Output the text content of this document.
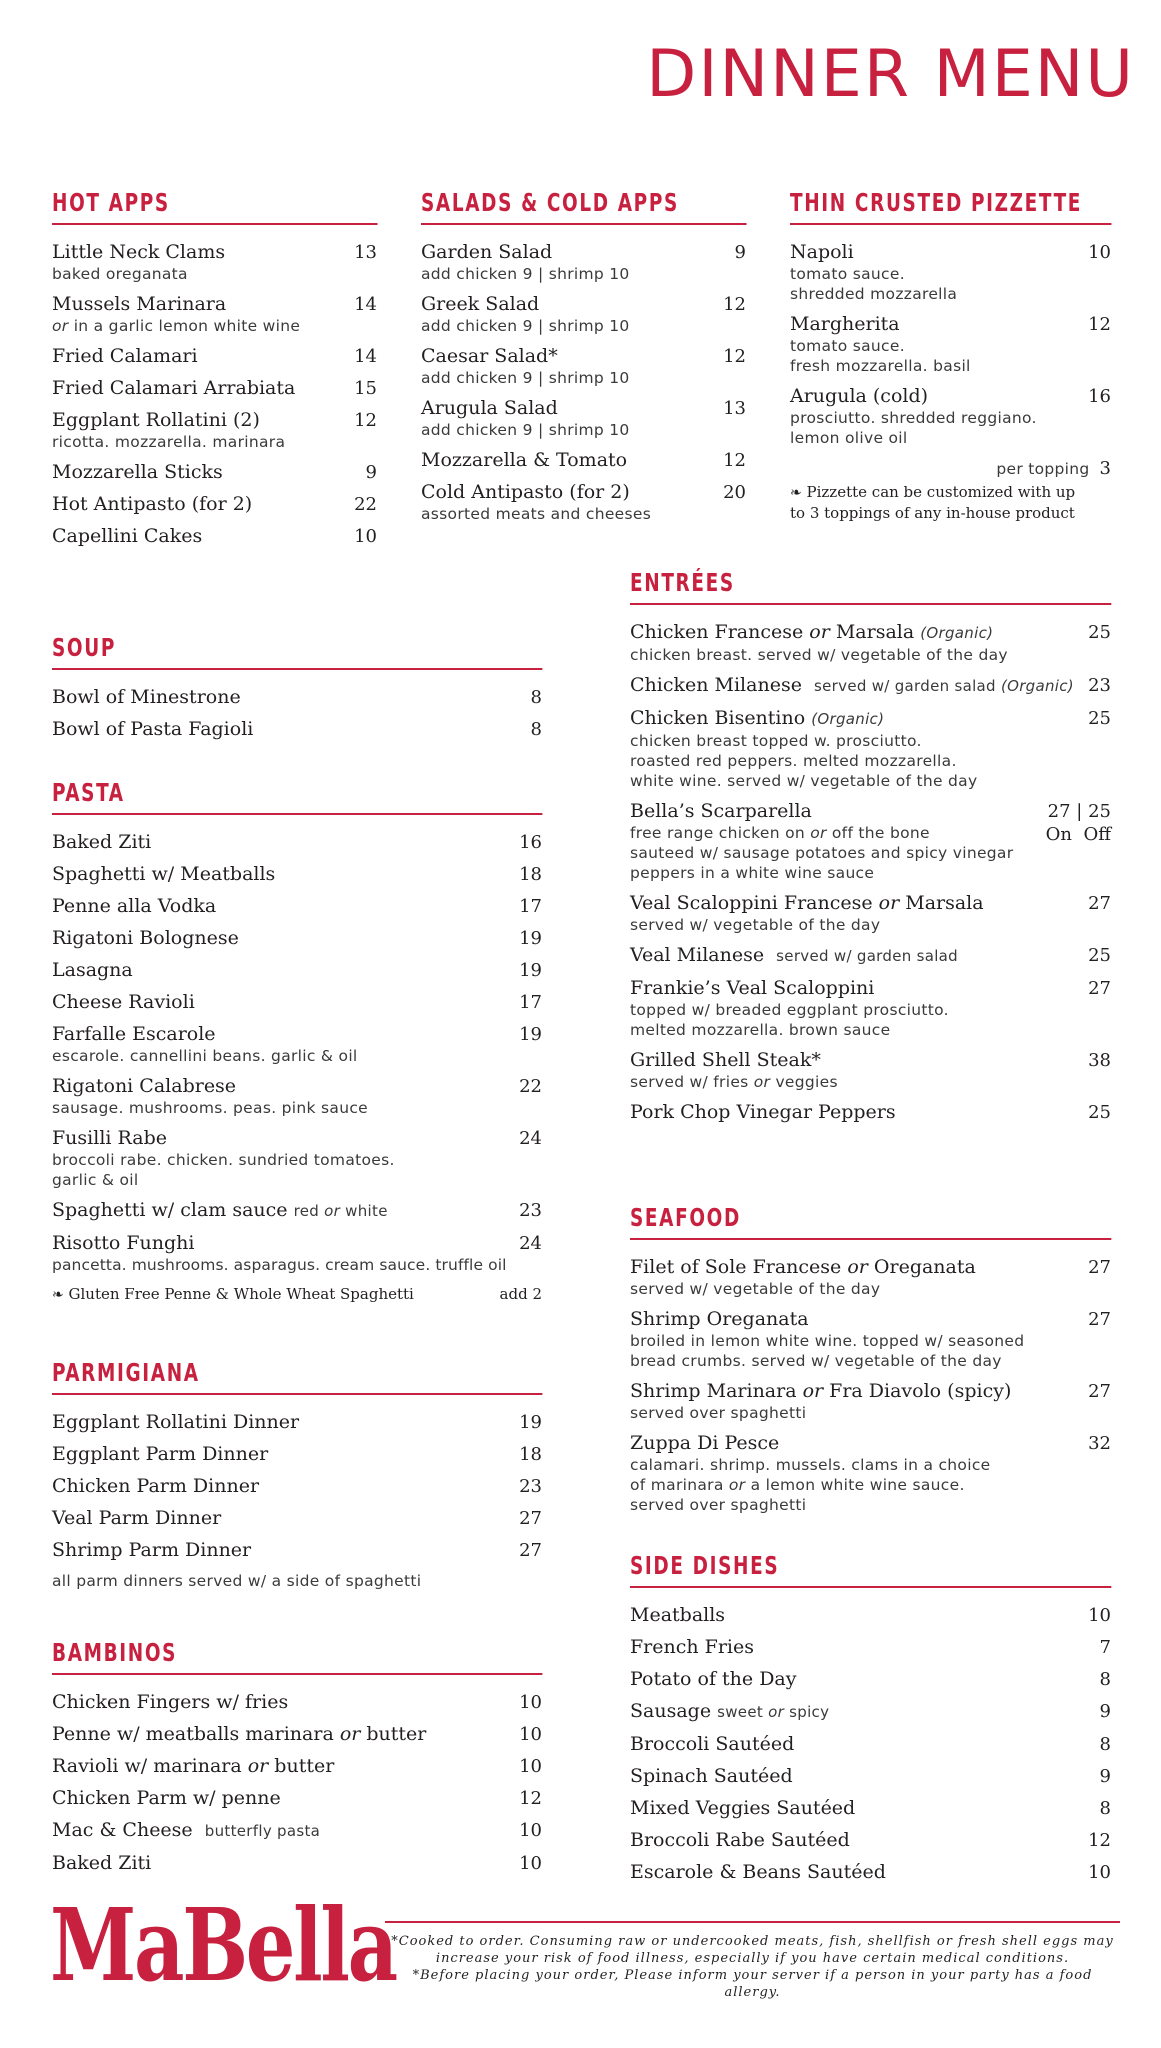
DINNER MENU
HOT APPS
Little Neck Clams	13
baked oreganata
Mussels Marinara	14
or in a garlic lemon white wine
Fried Calamari	14
Fried Calamari Arrabiata	15
Eggplant Rollatini (2)	12
ricotta. mozzarella. marinara
Mozzarella Sticks	9
Hot Antipasto (for 2)	22
Capellini Cakes	10
SALADS & COLD APPS
Garden Salad	9
add chicken 9 | shrimp 10
Greek Salad	12
add chicken 9 | shrimp 10
Caesar Salad*	12
add chicken 9 | shrimp 10
Arugula Salad	13
add chicken 9 | shrimp 10
Mozzarella & Tomato	12
Cold Antipasto (for 2)	20
assorted meats and cheeses
THIN CRUSTED PIZZETTE
Napoli	10
tomato sauce.
shredded mozzarella
Margherita	12
tomato sauce.
fresh mozzarella. basil
Arugula (cold)	16
prosciutto. shredded reggiano.
lemon olive oil
per topping 3
❧ Pizzette can be customized with up
to 3 toppings of any in-house product
SOUP
Bowl of Minestrone	8
Bowl of Pasta Fagioli	8
PASTA
Baked Ziti	16
Spaghetti w/ Meatballs	18
Penne alla Vodka	17
Rigatoni Bolognese	19
Lasagna	19
Cheese Ravioli	17
Farfalle Escarole	19
escarole. cannellini beans. garlic & oil
Rigatoni Calabrese	22
sausage. mushrooms. peas. pink sauce
Fusilli Rabe	24
broccoli rabe. chicken. sundried tomatoes.
garlic & oil
Spaghetti w/ clam sauce red or white	23
Risotto Funghi	24
pancetta. mushrooms. asparagus. cream sauce. truffle oil
❧ Gluten Free Penne & Whole Wheat Spaghetti	add 2
PARMIGIANA
Eggplant Rollatini Dinner	19
Eggplant Parm Dinner	18
Chicken Parm Dinner	23
Veal Parm Dinner	27
Shrimp Parm Dinner	27
all parm dinners served w/ a side of spaghetti
BAMBINOS
Chicken Fingers w/ fries	10
Penne w/ meatballs marinara or butter	10
Ravioli w/ marinara or butter	10
Chicken Parm w/ penne	12
Mac & Cheese butterfly pasta	10
Baked Ziti	10
ENTRÉES
Chicken Francese or Marsala (Organic)	25
chicken breast. served w/ vegetable of the day
Chicken Milanese served w/ garden salad (Organic) 23
Chicken Bisentino (Organic)	25
chicken breast topped w. prosciutto.
roasted red peppers. melted mozzarella.
white wine. served w/ vegetable of the day
Bella’s Scarparella
free range chicken on or off the bone
sauteed w/ sausage potatoes and spicy vinegar
peppers in a white wine sauce
27 | 25
On  Off
Veal Scaloppini Francese or Marsala	27
served w/ vegetable of the day
Veal Milanese served w/ garden salad	25
Frankie’s Veal Scaloppini	27
topped w/ breaded eggplant prosciutto.
melted mozzarella. brown sauce
Grilled Shell Steak*	38
served w/ fries or veggies
Pork Chop Vinegar Peppers	25
SEAFOOD
Filet of Sole Francese or Oreganata	27
served w/ vegetable of the day
Shrimp Oreganata	27
broiled in lemon white wine. topped w/ seasoned
bread crumbs. served w/ vegetable of the day
Shrimp Marinara or Fra Diavolo (spicy)	27
served over spaghetti
Zuppa Di Pesce	32
calamari. shrimp. mussels. clams in a choice
of marinara or a lemon white wine sauce.
served over spaghetti
SIDE DISHES
Meatballs	10
French Fries	7
Potato of the Day	8
Sausage sweet or spicy	9
Broccoli Sautéed	8
Spinach Sautéed	9
Mixed Veggies Sautéed	8
Broccoli Rabe Sautéed	12
Escarole & Beans Sautéed	10
MaBella
*Cooked to order. Consuming raw or undercooked meats, fish, shellfish or fresh shell eggs may
increase your risk of food illness, especially if you have certain medical conditions.
*Before placing your order, Please inform your server if a person in your party has a food allergy.
